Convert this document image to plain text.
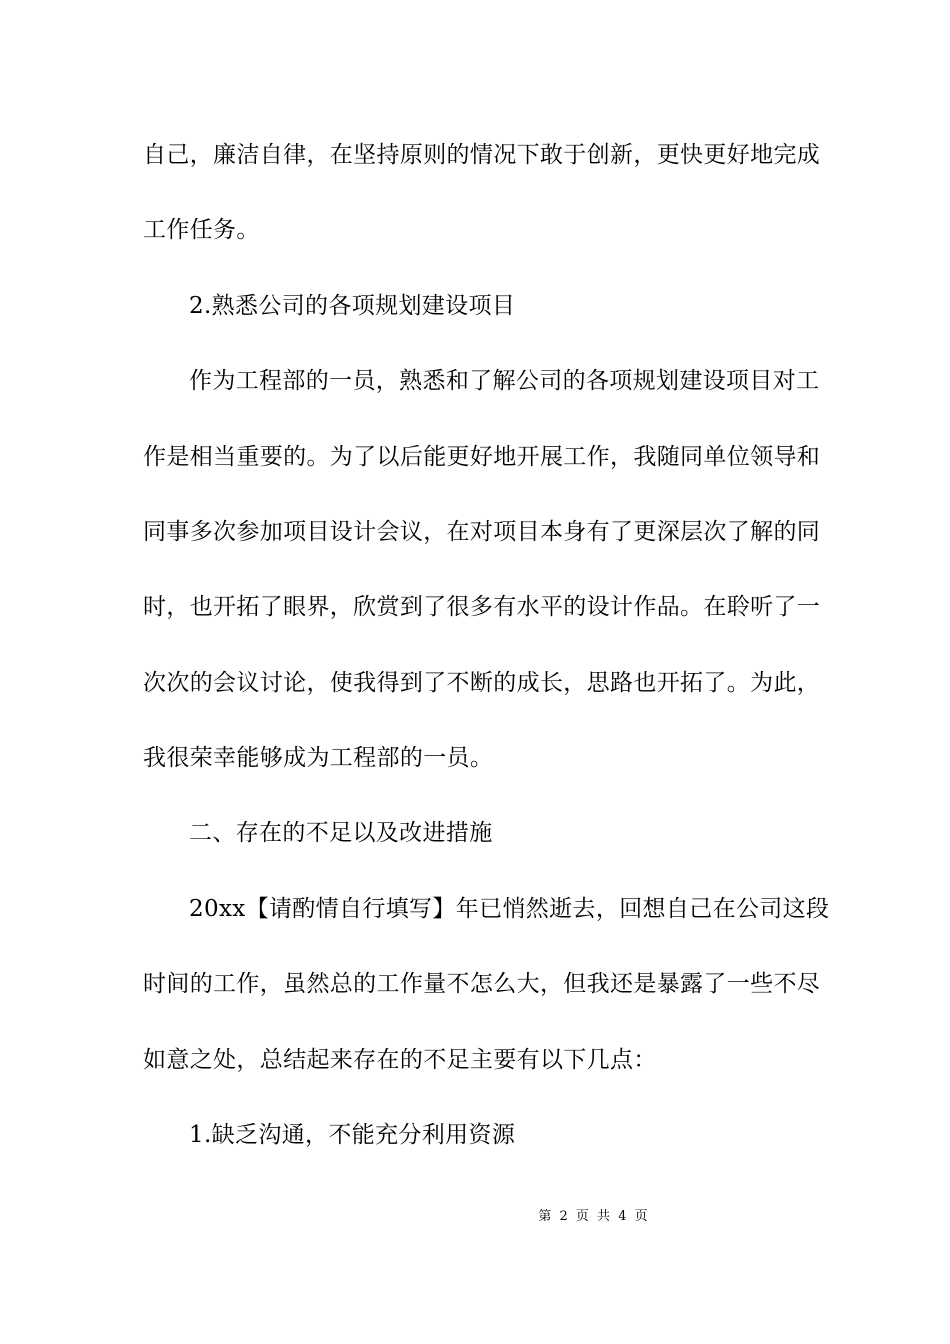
自己，廉洁自律，在坚持原则的情况下敢于创新，更快更好地完成
工作任务。
2.熟悉公司的各项规划建设项目
作为工程部的一员，熟悉和了解公司的各项规划建设项目对工
作是相当重要的。为了以后能更好地开展工作，我随同单位领导和
同事多次参加项目设计会议，在对项目本身有了更深层次了解的同
时，也开拓了眼界，欣赏到了很多有水平的设计作品。在聆听了一
次次的会议讨论，使我得到了不断的成长，思路也开拓了。为此，
我很荣幸能够成为工程部的一员。
二、存在的不足以及改进措施
20xx【请酌情自行填写】年已悄然逝去，回想自己在公司这段
时间的工作，虽然总的工作量不怎么大，但我还是暴露了一些不尽
如意之处，总结起来存在的不足主要有以下几点：
1.缺乏沟通，不能充分利用资源
第 2 页 共 4 页
